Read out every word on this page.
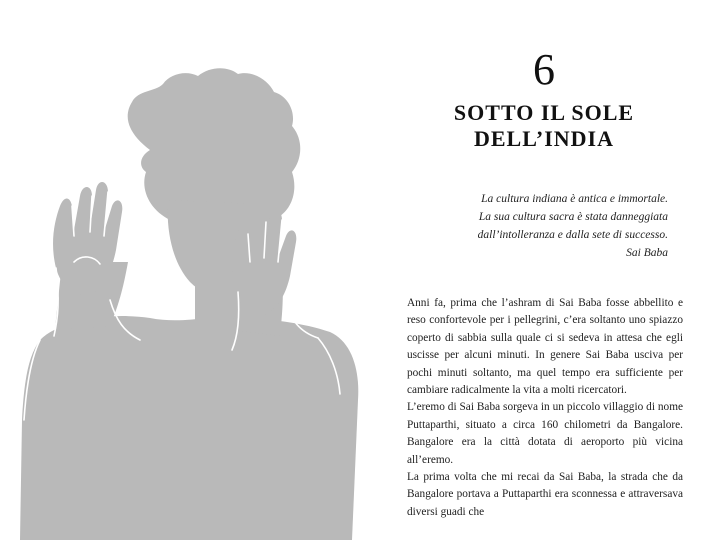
6
SOTTO IL SOLE
DELL’INDIA
La cultura indiana è antica e immortale.
La sua cultura sacra è stata danneggiata
dall’intolleranza e dalla sete di successo.
Sai Baba

Anni fa, prima che l’ashram di Sai Baba fosse abbellito e reso confortevole per i pellegrini, c’era soltanto uno spiazzo coperto di sabbia sulla quale ci si sedeva in attesa che egli uscisse per alcuni minuti. In genere Sai Baba usciva per pochi minuti soltanto, ma quel tempo era sufficiente per cambiare radicalmente la vita a molti ricercatori.

L’eremo di Sai Baba sorgeva in un piccolo villaggio di nome Puttaparthi, situato a circa 160 chilometri da Bangalore. Bangalore era la città dotata di aeroporto più vicina all’eremo.

La prima volta che mi recai da Sai Baba, la strada che da Bangalore portava a Puttaparthi era sconnessa e attraversava diversi guadi che
